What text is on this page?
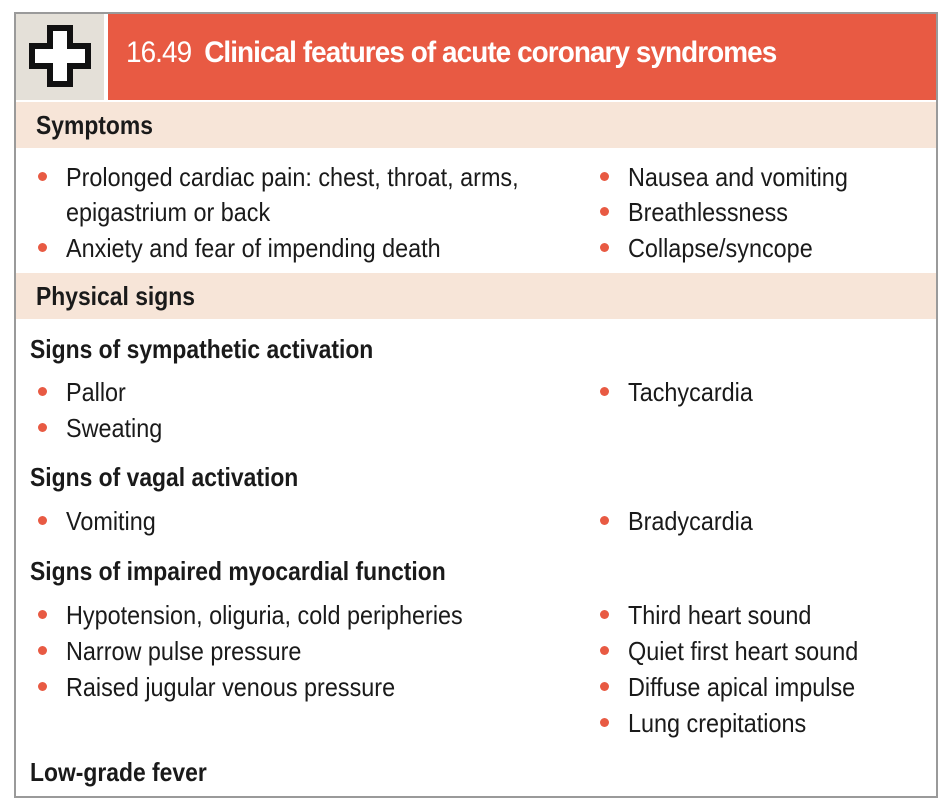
16.49 Clinical features of acute coronary syndromes
Symptoms
Prolonged cardiac pain: chest, throat, arms,
epigastrium or back
Anxiety and fear of impending death
Nausea and vomiting
Breathlessness
Collapse/syncope
Physical signs
Signs of sympathetic activation
Pallor
Sweating
Tachycardia
Signs of vagal activation
Vomiting	Bradycardia
Signs of impaired myocardial function
Hypotension, oliguria, cold peripheries
Narrow pulse pressure
Raised jugular venous pressure
Third heart sound
Quiet first heart sound
Diffuse apical impulse
Lung crepitations
Low-grade fever
